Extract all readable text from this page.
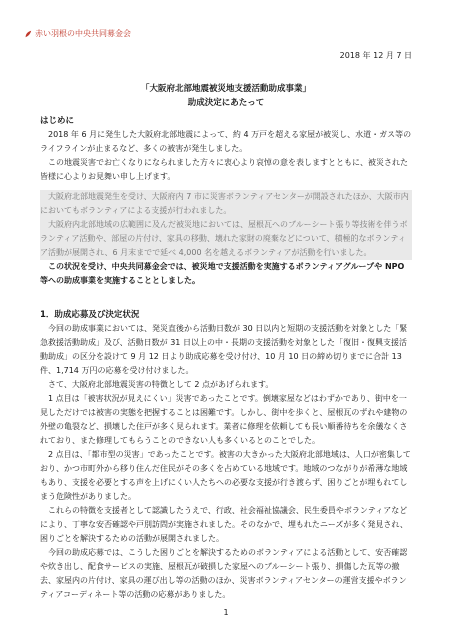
赤い羽根の中央共同募金会
2018 年 12 月 7 日
「大阪府北部地震被災地支援活動助成事業」
助成決定にあたって
はじめに

2018 年 6 月に発生した大阪府北部地震によって、約 4 万戸を超える家屋が被災し、水道・ガス等のライフラインが止まるなど、多くの被害が発生しました。

この地震災害でお亡くなりになられました方々に衷心より哀悼の意を表しますとともに、被災された皆様に心よりお見舞い申し上げます。

大阪府北部地震発生を受け、大阪府内 7 市に災害ボランティアセンターが開設されたほか、大阪市内においてもボランティアによる支援が行われました。

大阪府内北部地域の広範囲に及んだ被災地においては、屋根瓦へのブルーシート張り等技術を伴うボランティア活動や、部屋の片付け、家具の移動、壊れた家財の廃棄などについて、積極的なボランティア活動が展開され、6 月末までで延べ 4,000 名を越えるボランティアが活動を行いました。

この状況を受け、中央共同募金会では、被災地で支援活動を実施するボランティアグループや NPO 等への助成事業を実施することとしました。

1．助成応募及び決定状況

今回の助成事業においては、発災直後から活動日数が 30 日以内と短期の支援活動を対象とした「緊急救援活動助成」及び、活動日数が 31 日以上の中・長期の支援活動を対象とした「復旧・復興支援活動助成」の区分を設けて 9 月 12 日より助成応募を受け付け、10 月 10 日の締め切りまでに合計 13 件、1,714 万円の応募を受け付けました。

さて、大阪府北部地震災害の特徴として 2 点があげられます。

1 点目は「被害状況が見えにくい」災害であったことです。倒壊家屋などはわずかであり、街中を一見しただけでは被害の実態を把握することは困難です。しかし、街中を歩くと、屋根瓦のずれや建物の外壁の亀裂など、損壊した住戸が多く見られます。業者に修理を依頼しても長い順番待ちを余儀なくされており、また修理してもらうことのできない人も多くいるとのことでした。

2 点目は、「都市型の災害」であったことです。被害の大きかった大阪府北部地域は、人口が密集しており、かつ市町外から移り住んだ住民がその多くを占めている地域です。地域のつながりが希薄な地域もあり、支援を必要とする声を上げにくい人たちへの必要な支援が行き渡らず、困りごとが埋もれてしまう危険性がありました。

これらの特徴を支援者として認識したうえで、行政、社会福祉協議会、民生委員やボランティアなどにより、丁寧な安否確認や戸別訪問が実施されました。そのなかで、埋もれたニーズが多く発見され、困りごとを解決するための活動が展開されました。

今回の助成応募では、こうした困りごとを解決するためのボランティアによる活動として、安否確認や炊き出し、配食サービスの実施、屋根瓦が破損した家屋へのブルーシート張り、損傷した瓦等の撤去、家屋内の片付け、家具の運び出し等の活動のほか、災害ボランティアセンターの運営支援やボランティアコーディネート等の活動の応募がありました。

1
